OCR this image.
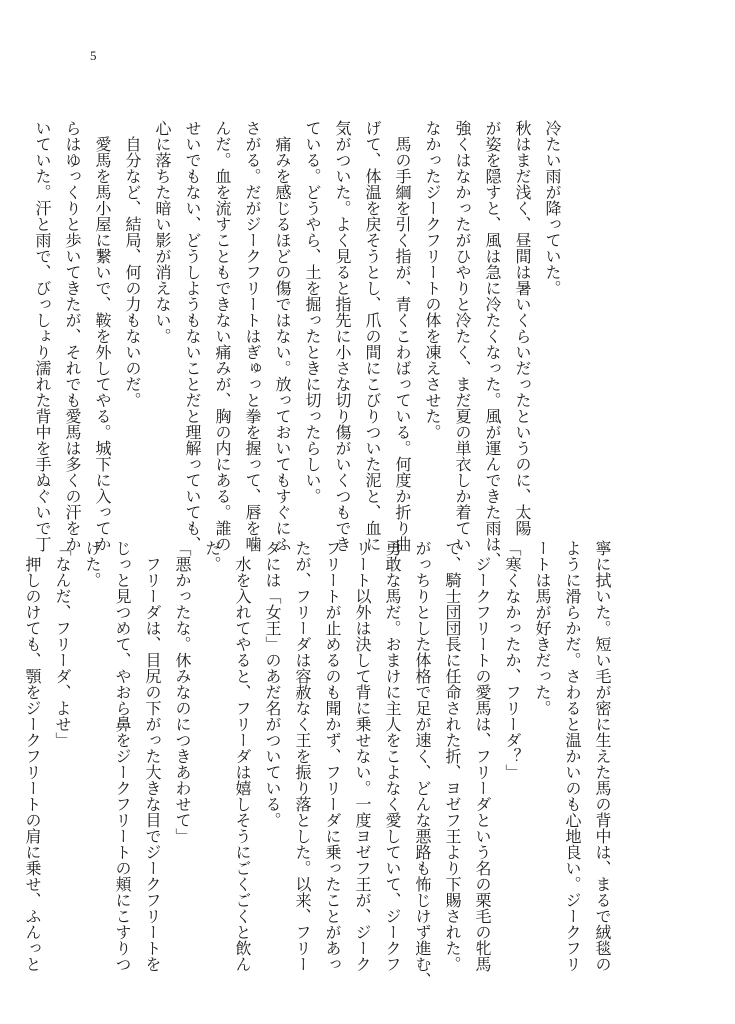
5
冷たい雨が降っていた。
秋はまだ浅く、昼間は暑いくらいだったというのに、太陽
が姿を隠すと、風は急に冷たくなった。風が運んできた雨は、
強くはなかったがひやりと冷たく、まだ夏の単衣しか着てい
なかったジークフリートの体を凍えさせた。
　馬の手綱を引く指が、青くこわばっている。何度か折り曲
げて、体温を戻そうとし、爪の間にこびりついた泥と、血に
気がついた。よく見ると指先に小さな切り傷がいくつもでき
ている。どうやら、土を掘ったときに切ったらしい。
　痛みを感じるほどの傷ではない。放っておいてもすぐにふ
さがる。だがジークフリートはぎゅっと拳を握って、唇を噛
んだ。血を流すこともできない痛みが、胸の内にある。誰の
せいでもない、どうしようもないことだと理解っていても、
心に落ちた暗い影が消えない。
　自分など、結局、何の力もないのだ。
　愛馬を馬小屋に繋いで、鞍を外してやる。城下に入ってか
らはゆっくりと歩いてきたが、それでも愛馬は多くの汗をか
いていた。汗と雨で、びっしょり濡れた背中を手ぬぐいで丁
寧に拭いた。短い毛が密に生えた馬の背中は、まるで絨毯の
ように滑らかだ。さわると温かいのも心地良い。ジークフリ
ートは馬が好きだった。
「寒くなかったか、フリーダ？」
　ジークフリートの愛馬は、フリーダという名の栗毛の牝馬
で、騎士団団長に任命された折、ヨゼフ王より下賜された。
がっちりとした体格で足が速く、どんな悪路も怖じけず進む、
勇敢な馬だ。おまけに主人をこよなく愛していて、ジークフ
リート以外は決して背に乗せない。一度ヨゼフ王が、ジーク
フリートが止めるのも聞かず、フリーダに乗ったことがあっ
たが、フリーダは容赦なく王を振り落とした。以来、フリー
ダには「女王」のあだ名がついている。
　水を入れてやると、フリーダは嬉しそうにごくごくと飲ん
だ。
「悪かったな。休みなのにつきあわせて」
　フリーダは、目尻の下がった大きな目でジークフリートを
じっと見つめて、やおら鼻をジークフリートの頬にこすりつ
けた。
「なんだ、フリーダ、よせ」
　押しのけても、顎をジークフリートの肩に乗せ、ふんっと
